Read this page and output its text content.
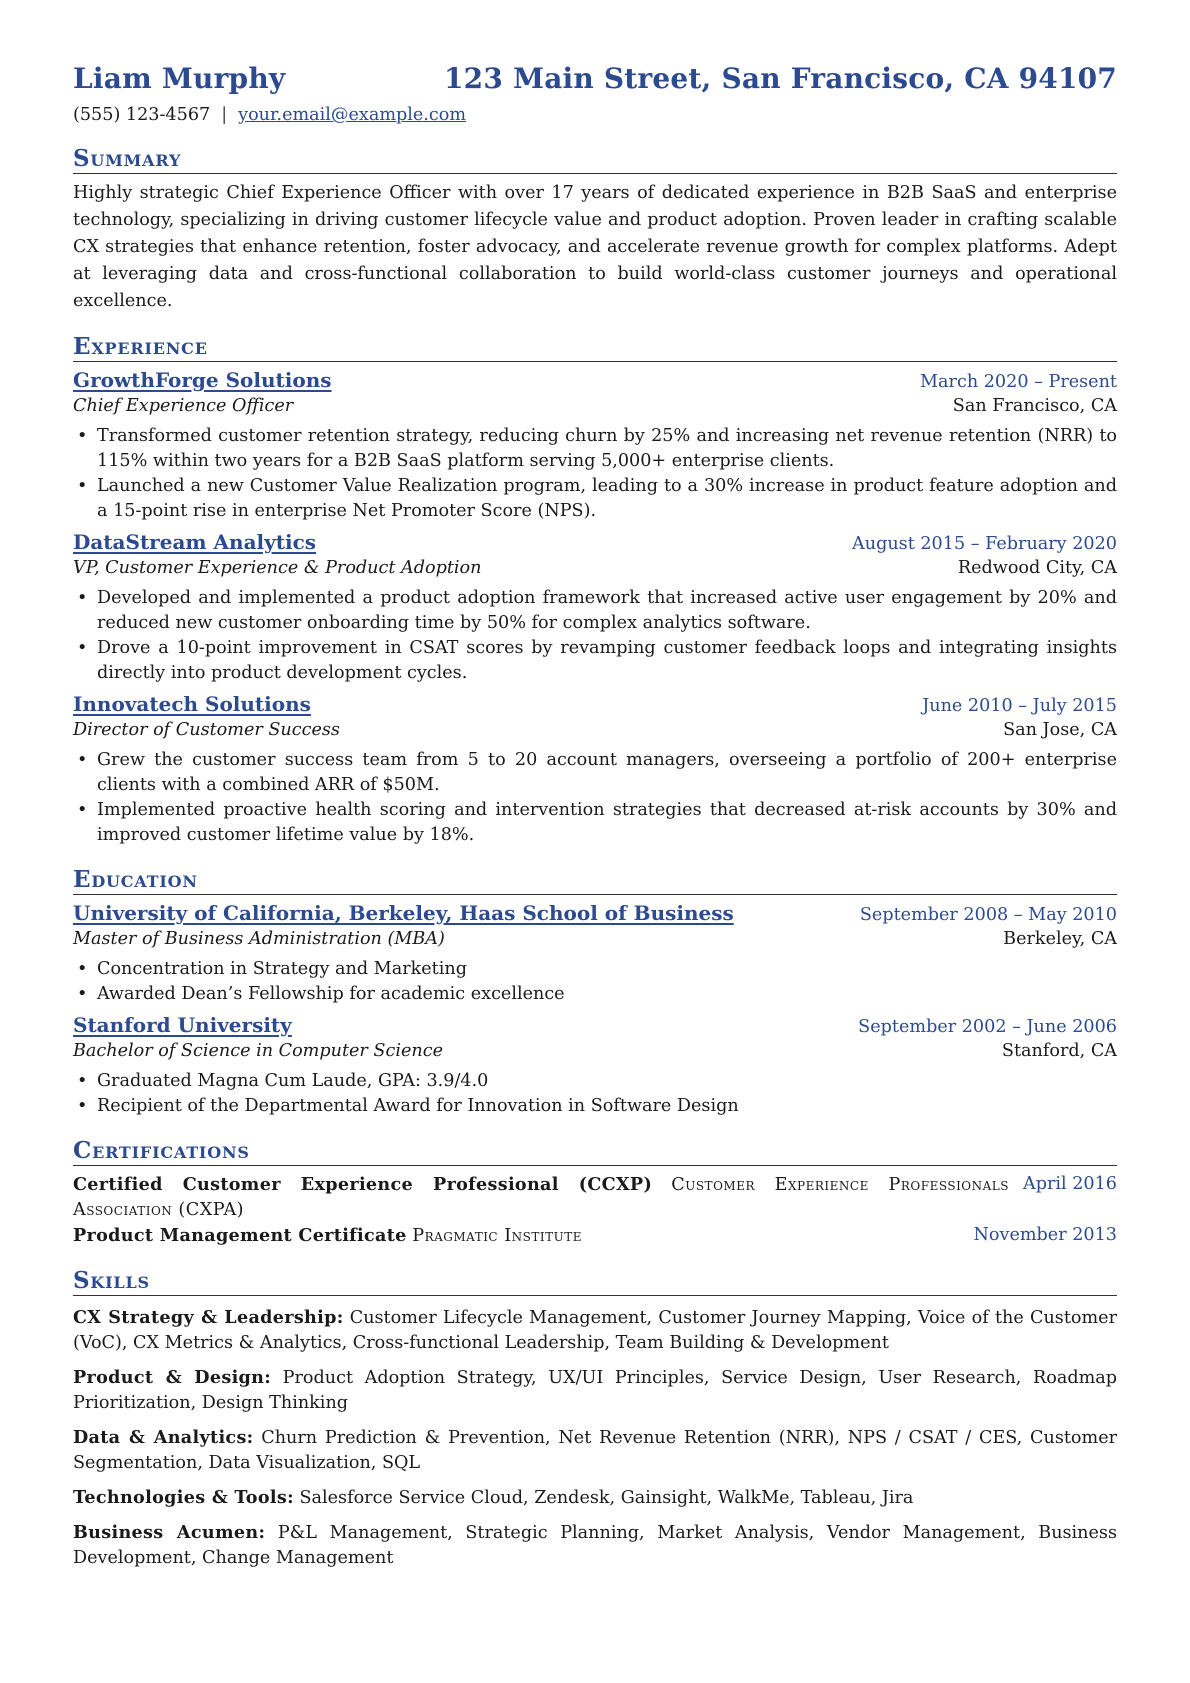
Liam Murphy	123 Main Street, San Francisco, CA 94107
(555) 123-4567 | your.email@example.com
Summary

Highly strategic Chief Experience Officer with over 17 years of dedicated experience in B2B SaaS and enterprise technology, specializing in driving customer lifecycle value and product adoption. Proven leader in crafting scalable CX strategies that enhance retention, foster advocacy, and accelerate revenue growth for complex platforms. Adept at leveraging data and cross-functional collaboration to build world-class customer journeys and operational excellence.

Experience
GrowthForge Solutions	March 2020 – Present
Chief Experience Officer	San Francisco, CA
• Transformed customer retention strategy, reducing churn by 25% and increasing net revenue retention (NRR) to 115% within two years for a B2B SaaS platform serving 5,000+ enterprise clients.
• Launched a new Customer Value Realization program, leading to a 30% increase in product feature adoption and a 15-point rise in enterprise Net Promoter Score (NPS).
DataStream Analytics	August 2015 – February 2020
VP, Customer Experience & Product Adoption	Redwood City, CA
• Developed and implemented a product adoption framework that increased active user engagement by 20% and reduced new customer onboarding time by 50% for complex analytics software.
• Drove a 10-point improvement in CSAT scores by revamping customer feedback loops and integrating insights directly into product development cycles.
Innovatech Solutions	June 2010 – July 2015
Director of Customer Success	San Jose, CA
• Grew the customer success team from 5 to 20 account managers, overseeing a portfolio of 200+ enterprise clients with a combined ARR of $50M.
• Implemented proactive health scoring and intervention strategies that decreased at-risk accounts by 30% and improved customer lifetime value by 18%.
Education
University of California, Berkeley, Haas School of Business	September 2008 – May 2010
Master of Business Administration (MBA)	Berkeley, CA
• Concentration in Strategy and Marketing
• Awarded Dean’s Fellowship for academic excellence
Stanford University	September 2002 – June 2006
Bachelor of Science in Computer Science	Stanford, CA
• Graduated Magna Cum Laude, GPA: 3.9/4.0
• Recipient of the Departmental Award for Innovation in Software Design
Certifications
Certified Customer Experience Professional (CCXP) Customer Experience Professionals Association (CXPA)
April 2016
Product Management Certificate Pragmatic Institute	November 2013
Skills
CX Strategy & Leadership: Customer Lifecycle Management, Customer Journey Mapping, Voice of the Customer (VoC), CX Metrics & Analytics, Cross-functional Leadership, Team Building & Development
Product & Design: Product Adoption Strategy, UX/UI Principles, Service Design, User Research, Roadmap Prioritization, Design Thinking
Data & Analytics: Churn Prediction & Prevention, Net Revenue Retention (NRR), NPS / CSAT / CES, Customer Segmentation, Data Visualization, SQL
Technologies & Tools: Salesforce Service Cloud, Zendesk, Gainsight, WalkMe, Tableau, Jira
Business Acumen: P&L Management, Strategic Planning, Market Analysis, Vendor Management, Business Development, Change Management
